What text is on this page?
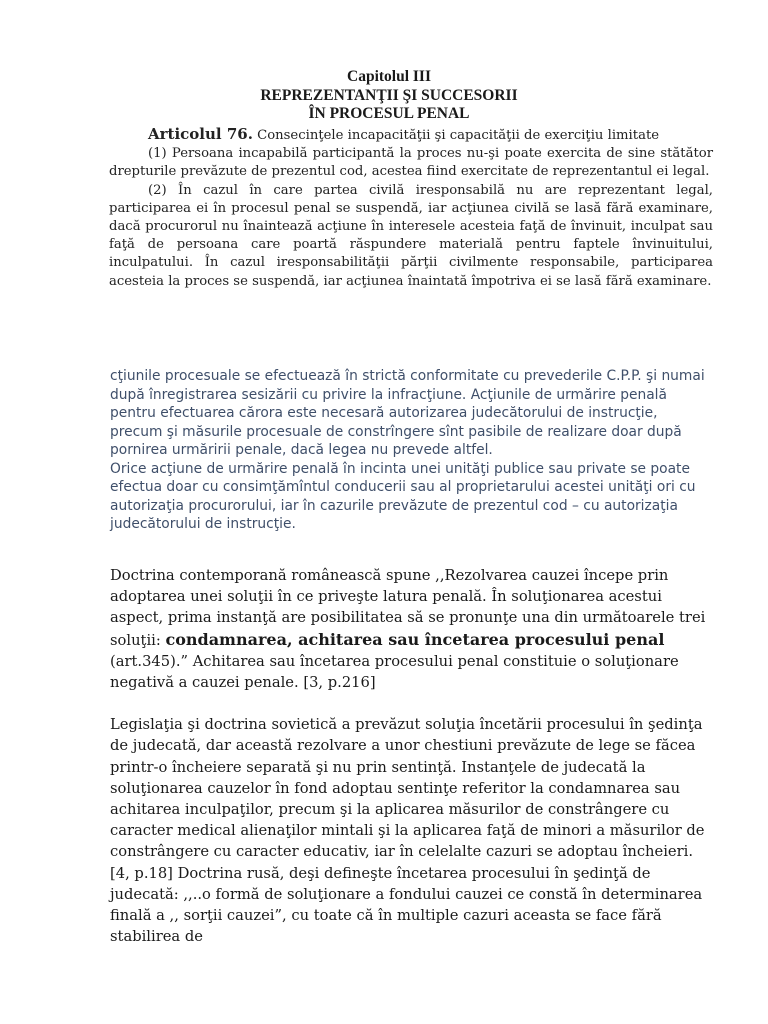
Capitolul III
REPREZENTANŢII ŞI SUCCESORII
ÎN PROCESUL PENAL

Articolul 76. Consecinţele incapacităţii şi capacităţii de exerciţiu limitate

(1) Persoana incapabilă participantă la proces nu-şi poate exercita de sine stătător drepturile prevăzute de prezentul cod, acestea fiind exercitate de reprezentantul ei legal.

(2) În cazul în care partea civilă iresponsabilă nu are reprezentant legal, participarea ei în procesul penal se suspendă, iar acţiunea civilă se lasă fără examinare, dacă procurorul nu înaintează acţiune în interesele acesteia faţă de învinuit, inculpat sau faţă de persoana care poartă răspundere materială pentru faptele învinuitului, inculpatului. În cazul iresponsabilităţii părţii civilmente responsabile, participarea acesteia la proces se suspendă, iar acţiunea înaintată împotriva ei se lasă fără examinare.

cţiunile procesuale se efectuează în strictă conformitate cu prevederile C.P.P. şi numai după înregistrarea sesizării cu privire la infracţiune. Acţiunile de urmărire penală pentru efectuarea cărora este necesară autorizarea judecătorului de instrucţie, precum şi măsurile procesuale de constrîngere sînt pasibile de realizare doar după pornirea urmăririi penale, dacă legea nu prevede altfel.

Orice acţiune de urmărire penală în incinta unei unităţi publice sau private se poate efectua doar cu consimţămîntul conducerii sau al proprietarului acestei unităţi ori cu autorizaţia procurorului, iar în cazurile prevăzute de prezentul cod – cu autorizaţia judecătorului de instrucţie.

Doctrina contemporană românească spune ,,Rezolvarea cauzei începe prin adoptarea unei soluţii în ce priveşte latura penală. În soluţionarea acestui aspect, prima instanţă are posibilitatea să se pronunţe una din următoarele trei soluţii: condamnarea, achitarea sau încetarea procesului penal (art.345).” Achitarea sau încetarea procesului penal constituie o soluţionare negativă a cauzei penale. [3, p.216]

Legislaţia şi doctrina sovietică a prevăzut soluţia încetării procesului în şedinţa de judecată, dar această rezolvare a unor chestiuni prevăzute de lege se făcea printr-o încheiere separată şi nu prin sentinţă. Instanţele de judecată la soluţionarea cauzelor în fond adoptau sentinţe referitor la condamnarea sau achitarea inculpaţilor, precum şi la aplicarea măsurilor de constrângere cu caracter medical alienaţilor mintali şi la aplicarea faţă de minori a măsurilor de constrângere cu caracter educativ, iar în celelalte cazuri se adoptau încheieri. [4, p.18] Doctrina rusă, deşi defineşte încetarea procesului în şedinţă de judecată: ,,..o formă de soluţionare a fondului cauzei ce constă în determinarea finală a ,, sorţii cauzei”, cu toate că în multiple cazuri aceasta se face fără stabilirea de
